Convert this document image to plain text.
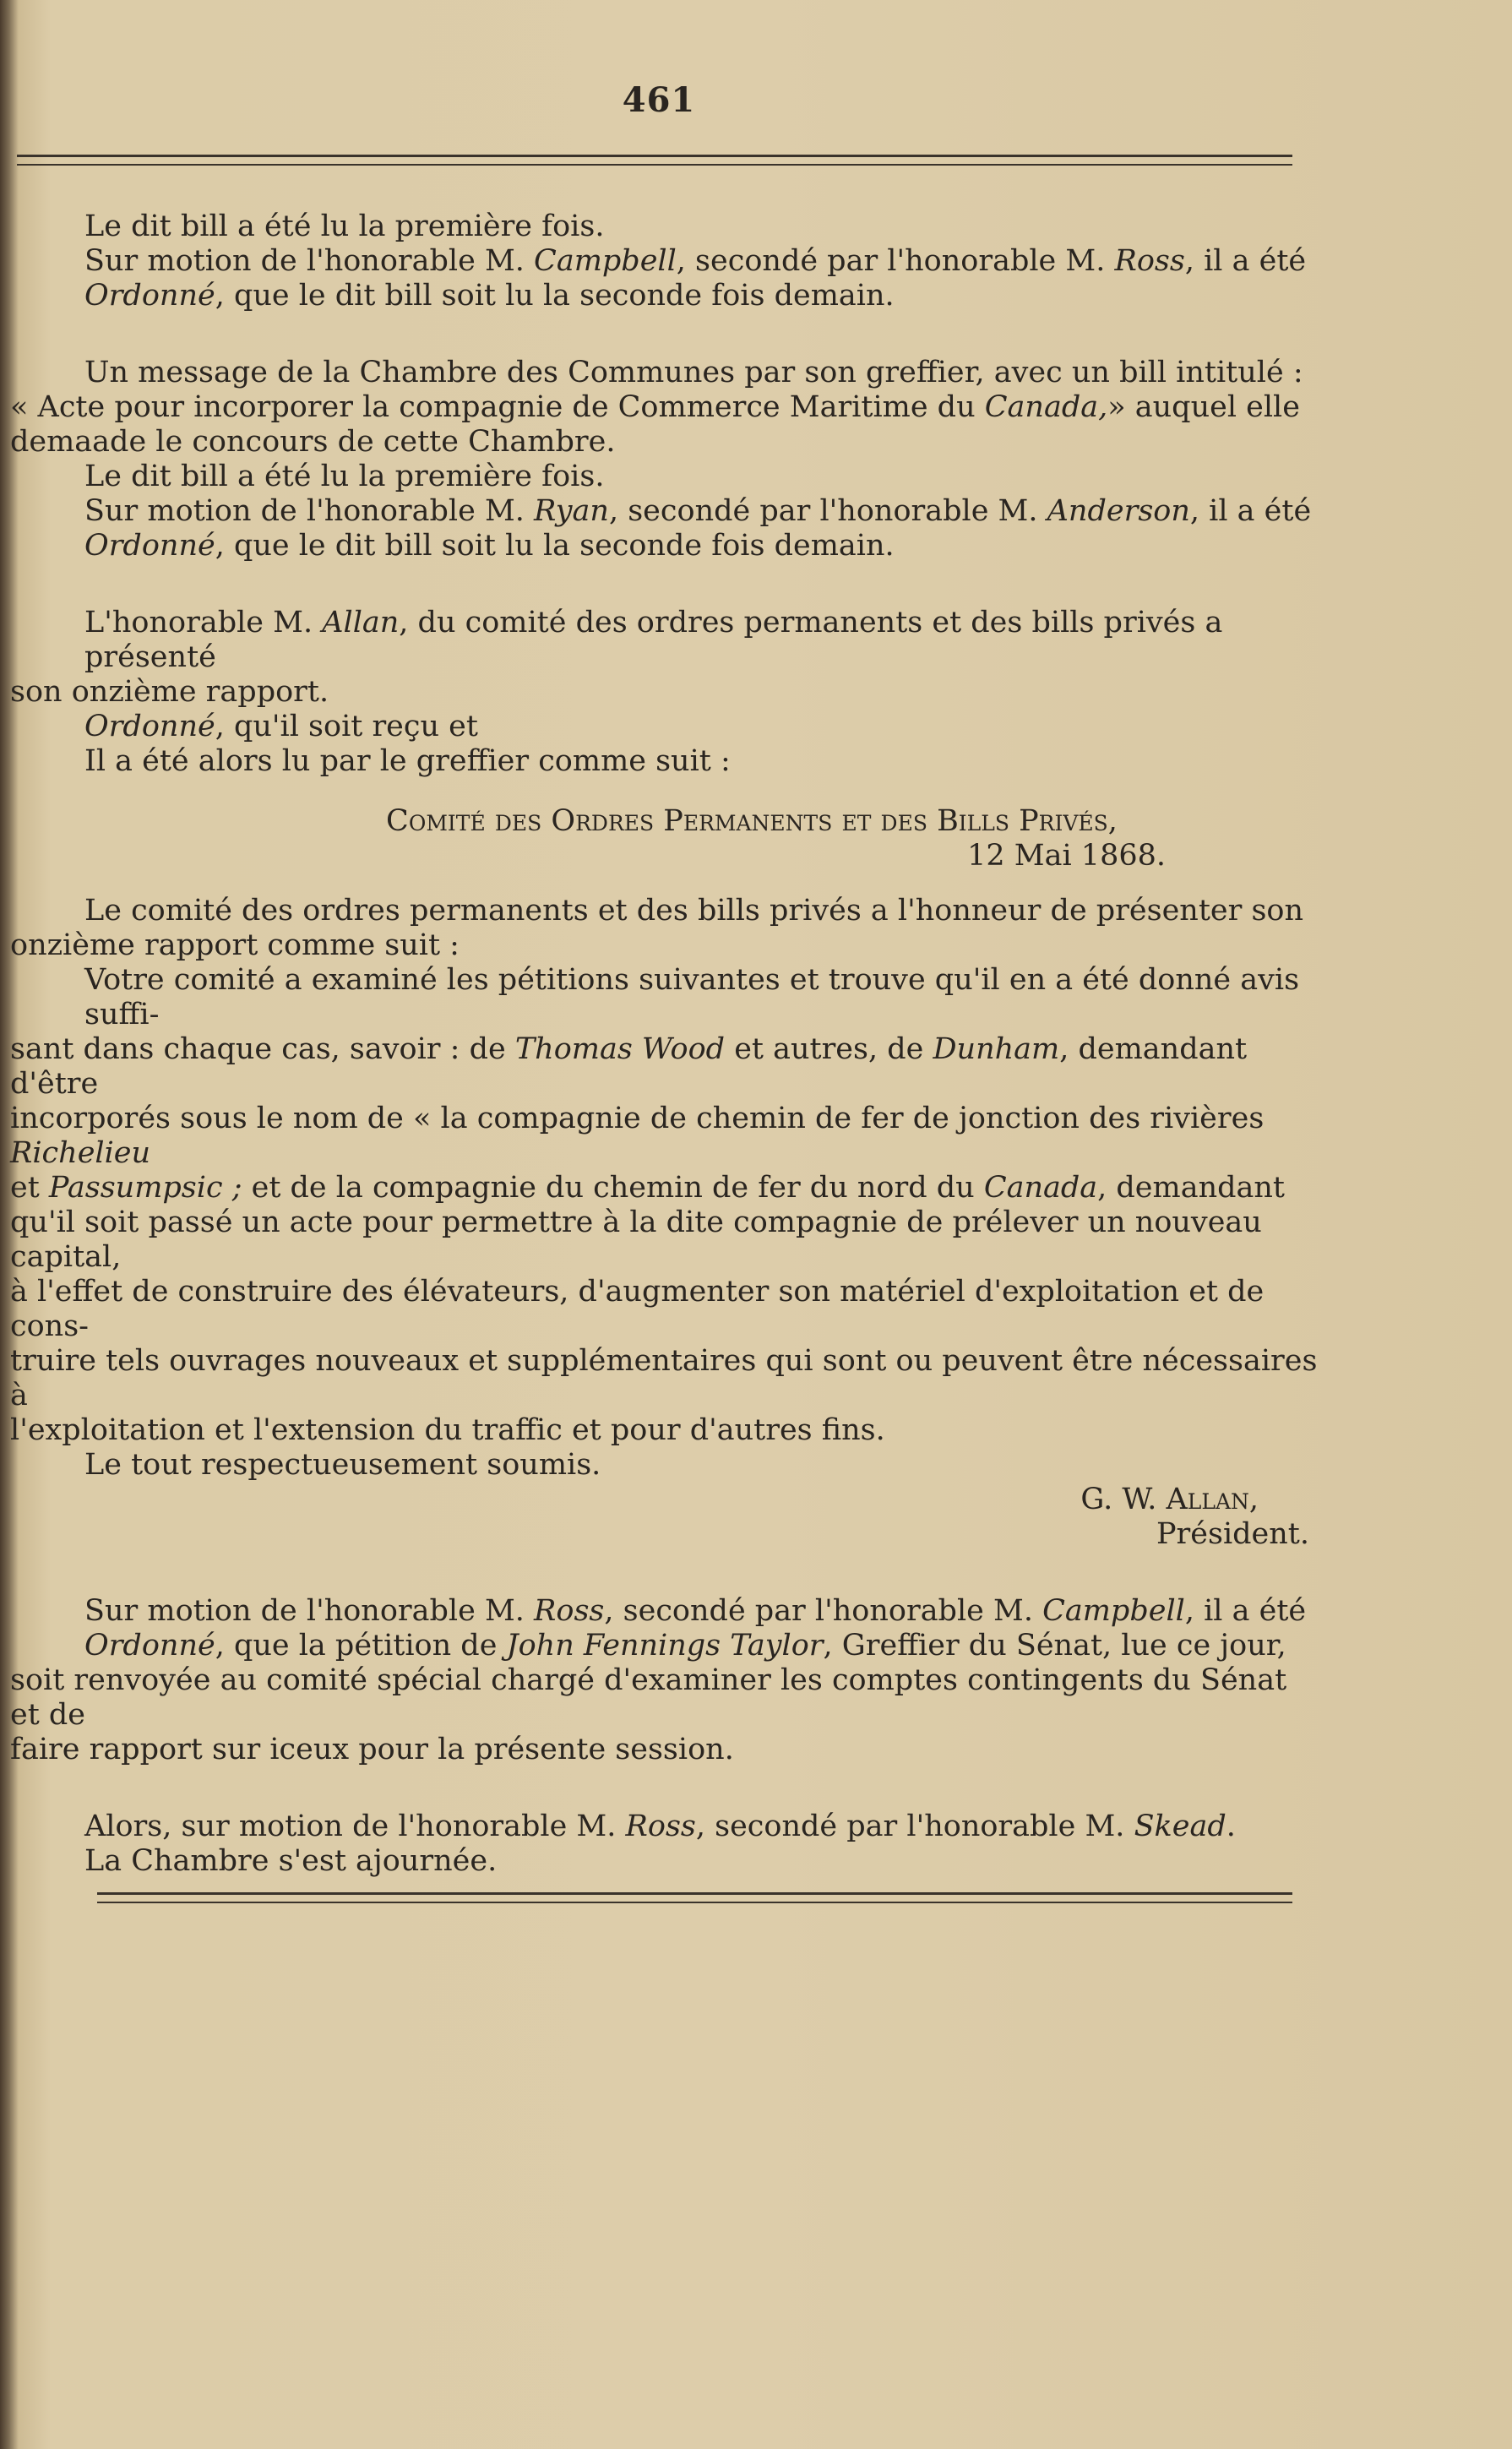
461

Le dit bill a été lu la première fois.

Sur motion de l'honorable M. Campbell, secondé par l'honorable M. Ross, il a été

Ordonné, que le dit bill soit lu la seconde fois demain.

Un message de la Chambre des Communes par son greffier, avec un bill intitulé :

« Acte pour incorporer la compagnie de Commerce Maritime du Canada,» auquel elle

demaade le concours de cette Chambre.

Le dit bill a été lu la première fois.

Sur motion de l'honorable M. Ryan, secondé par l'honorable M. Anderson, il a été

Ordonné, que le dit bill soit lu la seconde fois demain.

L'honorable M. Allan, du comité des ordres permanents et des bills privés a présenté

son onzième rapport.

Ordonné, qu'il soit reçu et

Il a été alors lu par le greffier comme suit :

Comité des Ordres Permanents et des Bills Privés,

12 Mai 1868.

Le comité des ordres permanents et des bills privés a l'honneur de présenter son

onzième rapport comme suit :

Votre comité a examiné les pétitions suivantes et trouve qu'il en a été donné avis suffi-

sant dans chaque cas, savoir : de Thomas Wood et autres, de Dunham, demandant d'être

incorporés sous le nom de « la compagnie de chemin de fer de jonction des rivières Richelieu

et Passumpsic ; et de la compagnie du chemin de fer du nord du Canada, demandant

qu'il soit passé un acte pour permettre à la dite compagnie de prélever un nouveau capital,

à l'effet de construire des élévateurs, d'augmenter son matériel d'exploitation et de cons-

truire tels ouvrages nouveaux et supplémentaires qui sont ou peuvent être nécessaires à

l'exploitation et l'extension du traffic et pour d'autres fins.

Le tout respectueusement soumis.

G. W. Allan,

Président.

Sur motion de l'honorable M. Ross, secondé par l'honorable M. Campbell, il a été

Ordonné, que la pétition de John Fennings Taylor, Greffier du Sénat, lue ce jour,

soit renvoyée au comité spécial chargé d'examiner les comptes contingents du Sénat et de

faire rapport sur iceux pour la présente session.

Alors, sur motion de l'honorable M. Ross, secondé par l'honorable M. Skead.

La Chambre s'est ajournée.
